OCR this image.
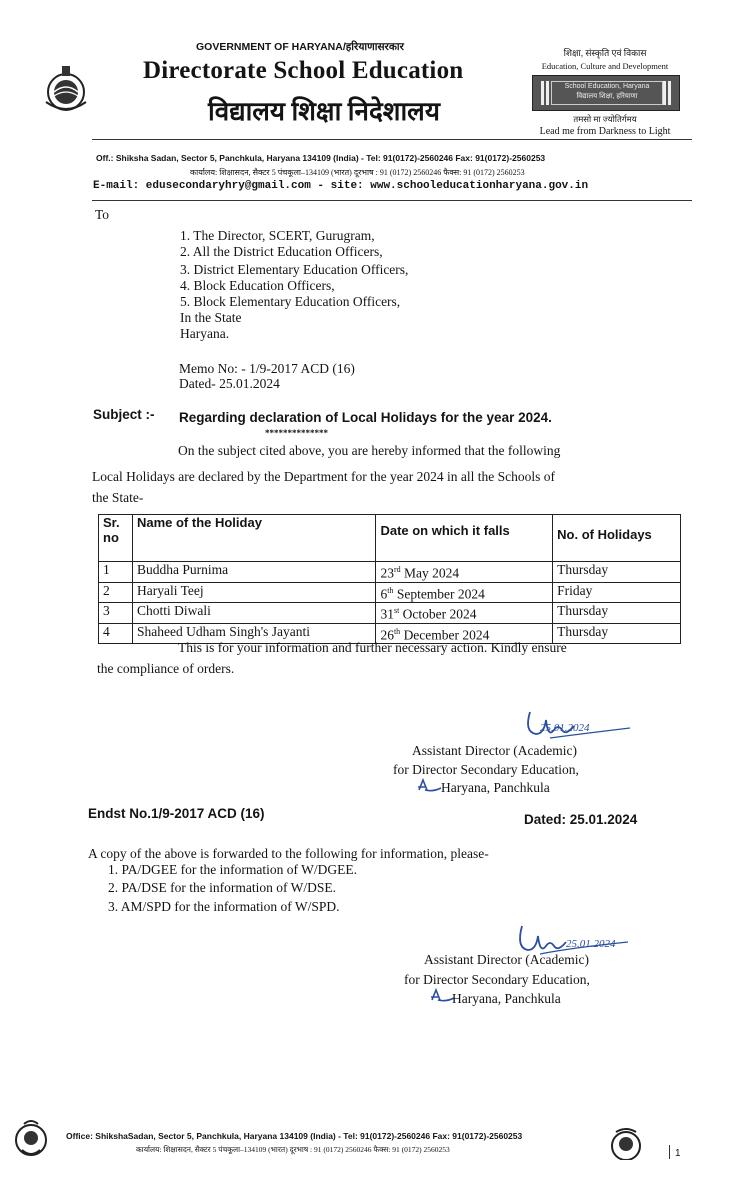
GOVERNMENT OF HARYANA/हरियाणासरकार
Directorate School Education
विद्यालय शिक्षा निदेशालय
शिक्षा, संस्कृति एवं विकास
Education, Culture and Development
School Education, Haryana
विद्यालय शिक्षा, हरियाणा
तमसो मा ज्योतिर्गमय
Lead me from Darkness to Light
Off.: Shiksha Sadan, Sector 5, Panchkula, Haryana 134109 (India) - Tel: 91(0172)-2560246 Fax: 91(0172)-2560253
कार्यालय: शिक्षासदन, सैक्टर 5 पंचकूला–134109 (भारत) दूरभाष : 91 (0172) 2560246 फैक्स: 91 (0172) 2560253
E-mail: edusecondaryhry@gmail.com - site: www.schooleducationharyana.gov.in
To
1. The Director, SCERT, Gurugram,
2. All the District Education Officers,
3. District Elementary Education Officers,
4. Block Education Officers,
5. Block Elementary Education Officers,
In the State
Haryana.
Memo No: - 1/9-2017 ACD (16)
Dated- 25.01.2024
Subject :- Regarding declaration of Local Holidays for the year 2024.
**************
On the subject cited above, you are hereby informed that the following
Local Holidays are declared by the Department for the year 2024 in all the Schools of
the State-
Sr. no	Name of the Holiday	Date on which it falls	No. of Holidays
1	Buddha Purnima	23rd May 2024	Thursday
2	Haryali Teej	6th September 2024	Friday
3	Chotti Diwali	31st October 2024	Thursday
4	Shaheed Udham Singh's Jayanti	26th December 2024	Thursday
This is for your information and further necessary action. Kindly ensure
the compliance of orders.
25.01.2024
Assistant Director (Academic)
for Director Secondary Education,
Haryana, Panchkula
Endst No.1/9-2017 ACD (16)	Dated: 25.01.2024
A copy of the above is forwarded to the following for information, please-
1. PA/DGEE for the information of W/DGEE.
2. PA/DSE for the information of W/DSE.
3. AM/SPD for the information of W/SPD.
25.01.2024
Assistant Director (Academic)
for Director Secondary Education,
Haryana, Panchkula
Office: ShikshaSadan, Sector 5, Panchkula, Haryana 134109 (India) - Tel: 91(0172)-2560246 Fax: 91(0172)-2560253
कार्यालय: शिक्षासदन, सैक्टर 5 पंचकूला–134109 (भारत) दूरभाष : 91 (0172) 2560246 फैक्स: 91 (0172) 2560253	1
